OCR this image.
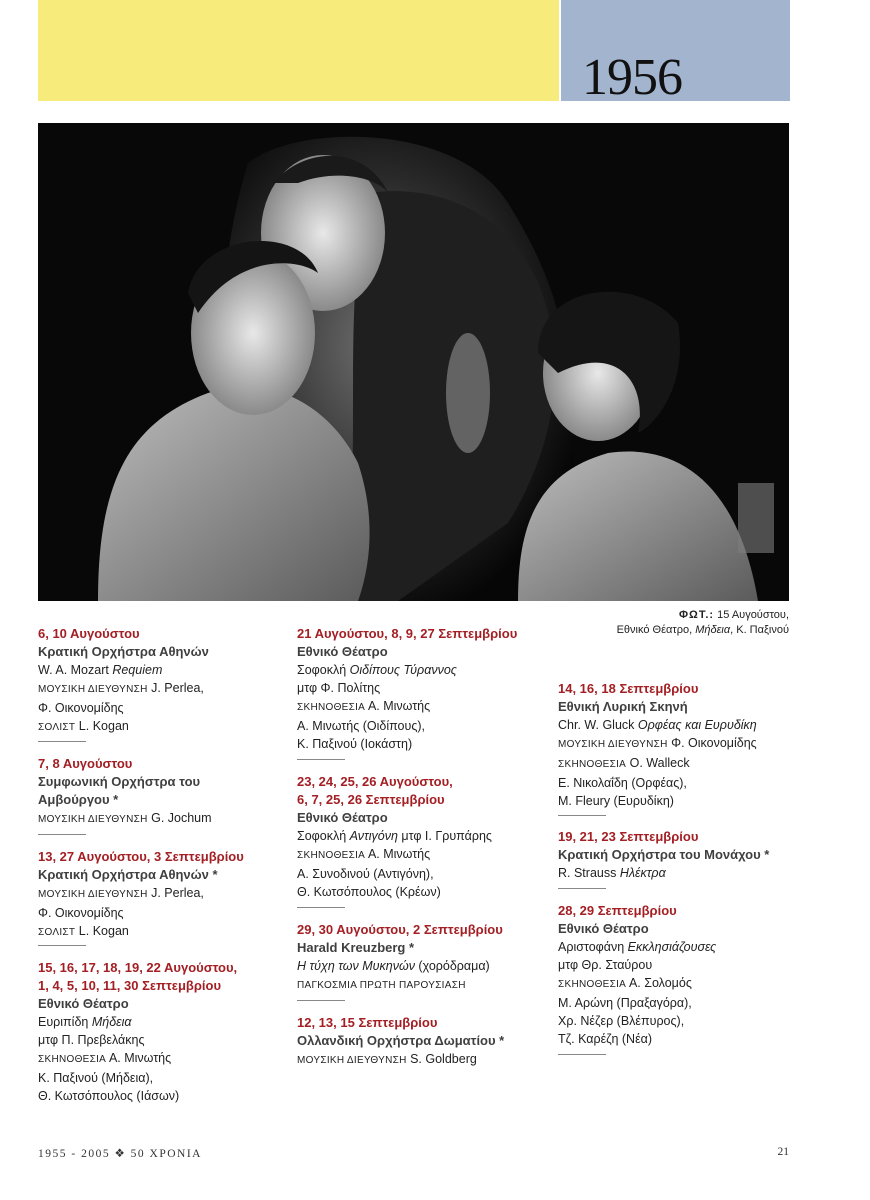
1956
ΦΩΤ.: 15 Αυγούστου,
Εθνικό Θέατρο, Μήδεια, Κ. Παξινού
6, 10 Αυγούστου
Κρατική Ορχήστρα Αθηνών
W. A. Mozart Requiem
ΜΟΥΣΙΚΗ ΔΙΕΥΘΥΝΣΗ J. Perlea,
Φ. Οικονομίδης
ΣΟΛΙΣΤ L. Kogan
7, 8 Αυγούστου
Συμφωνική Ορχήστρα του
Αμβούργου *
ΜΟΥΣΙΚΗ ΔΙΕΥΘΥΝΣΗ G. Jochum
13, 27 Αυγούστου, 3 Σεπτεμβρίου
Κρατική Ορχήστρα Αθηνών *
ΜΟΥΣΙΚΗ ΔΙΕΥΘΥΝΣΗ J. Perlea,
Φ. Οικονομίδης
ΣΟΛΙΣΤ L. Kogan
15, 16, 17, 18, 19, 22 Αυγούστου,
1, 4, 5, 10, 11, 30 Σεπτεμβρίου
Εθνικό Θέατρο
Ευριπίδη Μήδεια
μτφ Π. Πρεβελάκης
ΣΚΗΝΟΘΕΣΙΑ Α. Μινωτής
Κ. Παξινού (Μήδεια),
Θ. Κωτσόπουλος (Ιάσων)
21 Αυγούστου, 8, 9, 27 Σεπτεμβρίου
Εθνικό Θέατρο
Σοφοκλή Οιδίπους Τύραννος
μτφ Φ. Πολίτης
ΣΚΗΝΟΘΕΣΙΑ Α. Μινωτής
Α. Μινωτής (Οιδίπους),
Κ. Παξινού (Ιοκάστη)
23, 24, 25, 26 Αυγούστου,
6, 7, 25, 26 Σεπτεμβρίου
Εθνικό Θέατρο
Σοφοκλή Αντιγόνη μτφ Ι. Γρυπάρης
ΣΚΗΝΟΘΕΣΙΑ Α. Μινωτής
Α. Συνοδινού (Αντιγόνη),
Θ. Κωτσόπουλος (Κρέων)
29, 30 Αυγούστου, 2 Σεπτεμβρίου
Harald Kreuzberg *
Η τύχη των Μυκηνών (χορόδραμα)
ΠΑΓΚΟΣΜΙΑ ΠΡΩΤΗ ΠΑΡΟΥΣΙΑΣΗ
12, 13, 15 Σεπτεμβρίου
Ολλανδική Ορχήστρα Δωματίου *
ΜΟΥΣΙΚΗ ΔΙΕΥΘΥΝΣΗ S. Goldberg
14, 16, 18 Σεπτεμβρίου
Εθνική Λυρική Σκηνή
Chr. W. Gluck Ορφέας και Ευρυδίκη
ΜΟΥΣΙΚΗ ΔΙΕΥΘΥΝΣΗ Φ. Οικονομίδης
ΣΚΗΝΟΘΕΣΙΑ O. Walleck
Ε. Νικολαΐδη (Ορφέας),
M. Fleury (Ευρυδίκη)
19, 21, 23 Σεπτεμβρίου
Κρατική Ορχήστρα του Μονάχου *
R. Strauss Ηλέκτρα
28, 29 Σεπτεμβρίου
Εθνικό Θέατρο
Αριστοφάνη Εκκλησιάζουσες
μτφ Θρ. Σταύρου
ΣΚΗΝΟΘΕΣΙΑ Α. Σολομός
Μ. Αρώνη (Πραξαγόρα),
Χρ. Νέζερ (Βλέπυρος),
Τζ. Καρέζη (Νέα)
1955 - 2005 ❖ 50 ΧΡΟΝΙΑ	21
